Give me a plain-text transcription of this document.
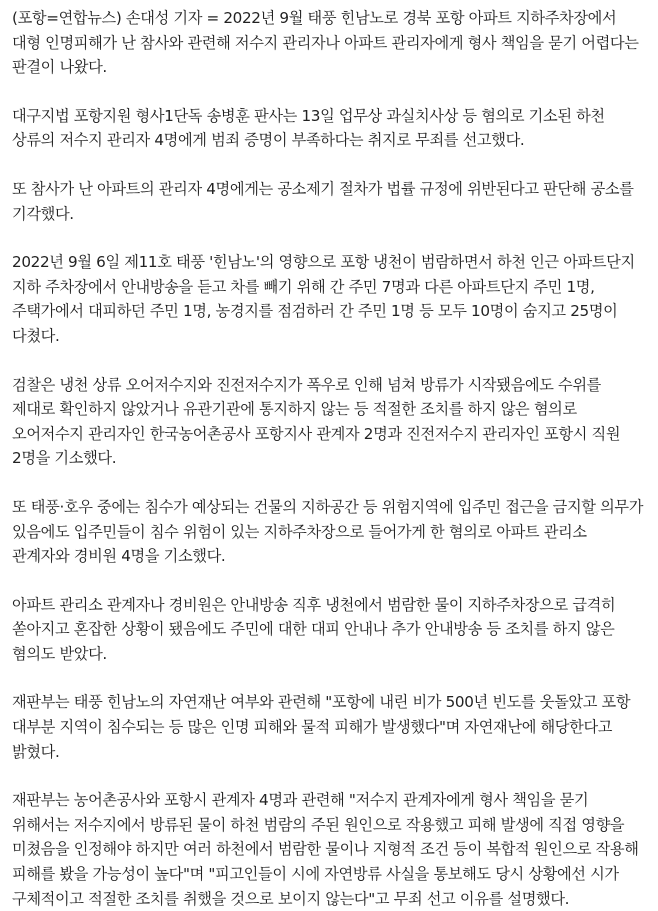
(포항=연합뉴스) 손대성 기자 = 2022년 9월 태풍 힌남노로 경북 포항 아파트 지하주차장에서 대형 인명피해가 난 참사와 관련해 저수지 관리자나 아파트 관리자에게 형사 책임을 묻기 어렵다는 판결이 나왔다.

대구지법 포항지원 형사1단독 송병훈 판사는 13일 업무상 과실치사상 등 혐의로 기소된 하천 상류의 저수지 관리자 4명에게 범죄 증명이 부족하다는 취지로 무죄를 선고했다.

또 참사가 난 아파트의 관리자 4명에게는 공소제기 절차가 법률 규정에 위반된다고 판단해 공소를 기각했다.

2022년 9월 6일 제11호 태풍 '힌남노'의 영향으로 포항 냉천이 범람하면서 하천 인근 아파트단지 지하 주차장에서 안내방송을 듣고 차를 빼기 위해 간 주민 7명과 다른 아파트단지 주민 1명, 주택가에서 대피하던 주민 1명, 농경지를 점검하러 간 주민 1명 등 모두 10명이 숨지고 25명이 다쳤다.

검찰은 냉천 상류 오어저수지와 진전저수지가 폭우로 인해 넘쳐 방류가 시작됐음에도 수위를 제대로 확인하지 않았거나 유관기관에 통지하지 않는 등 적절한 조치를 하지 않은 혐의로 오어저수지 관리자인 한국농어촌공사 포항지사 관계자 2명과 진전저수지 관리자인 포항시 직원 2명을 기소했다.

또 태풍·호우 중에는 침수가 예상되는 건물의 지하공간 등 위험지역에 입주민 접근을 금지할 의무가 있음에도 입주민들이 침수 위험이 있는 지하주차장으로 들어가게 한 혐의로 아파트 관리소 관계자와 경비원 4명을 기소했다.

아파트 관리소 관계자나 경비원은 안내방송 직후 냉천에서 범람한 물이 지하주차장으로 급격히 쏟아지고 혼잡한 상황이 됐음에도 주민에 대한 대피 안내나 추가 안내방송 등 조치를 하지 않은 혐의도 받았다.

재판부는 태풍 힌남노의 자연재난 여부와 관련해 "포항에 내린 비가 500년 빈도를 웃돌았고 포항 대부분 지역이 침수되는 등 많은 인명 피해와 물적 피해가 발생했다"며 자연재난에 해당한다고 밝혔다.

재판부는 농어촌공사와 포항시 관계자 4명과 관련해 "저수지 관계자에게 형사 책임을 묻기 위해서는 저수지에서 방류된 물이 하천 범람의 주된 원인으로 작용했고 피해 발생에 직접 영향을 미쳤음을 인정해야 하지만 여러 하천에서 범람한 물이나 지형적 조건 등이 복합적 원인으로 작용해 피해를 봤을 가능성이 높다"며 "피고인들이 시에 자연방류 사실을 통보해도 당시 상황에선 시가 구체적이고 적절한 조치를 취했을 것으로 보이지 않는다"고 무죄 선고 이유를 설명했다.
